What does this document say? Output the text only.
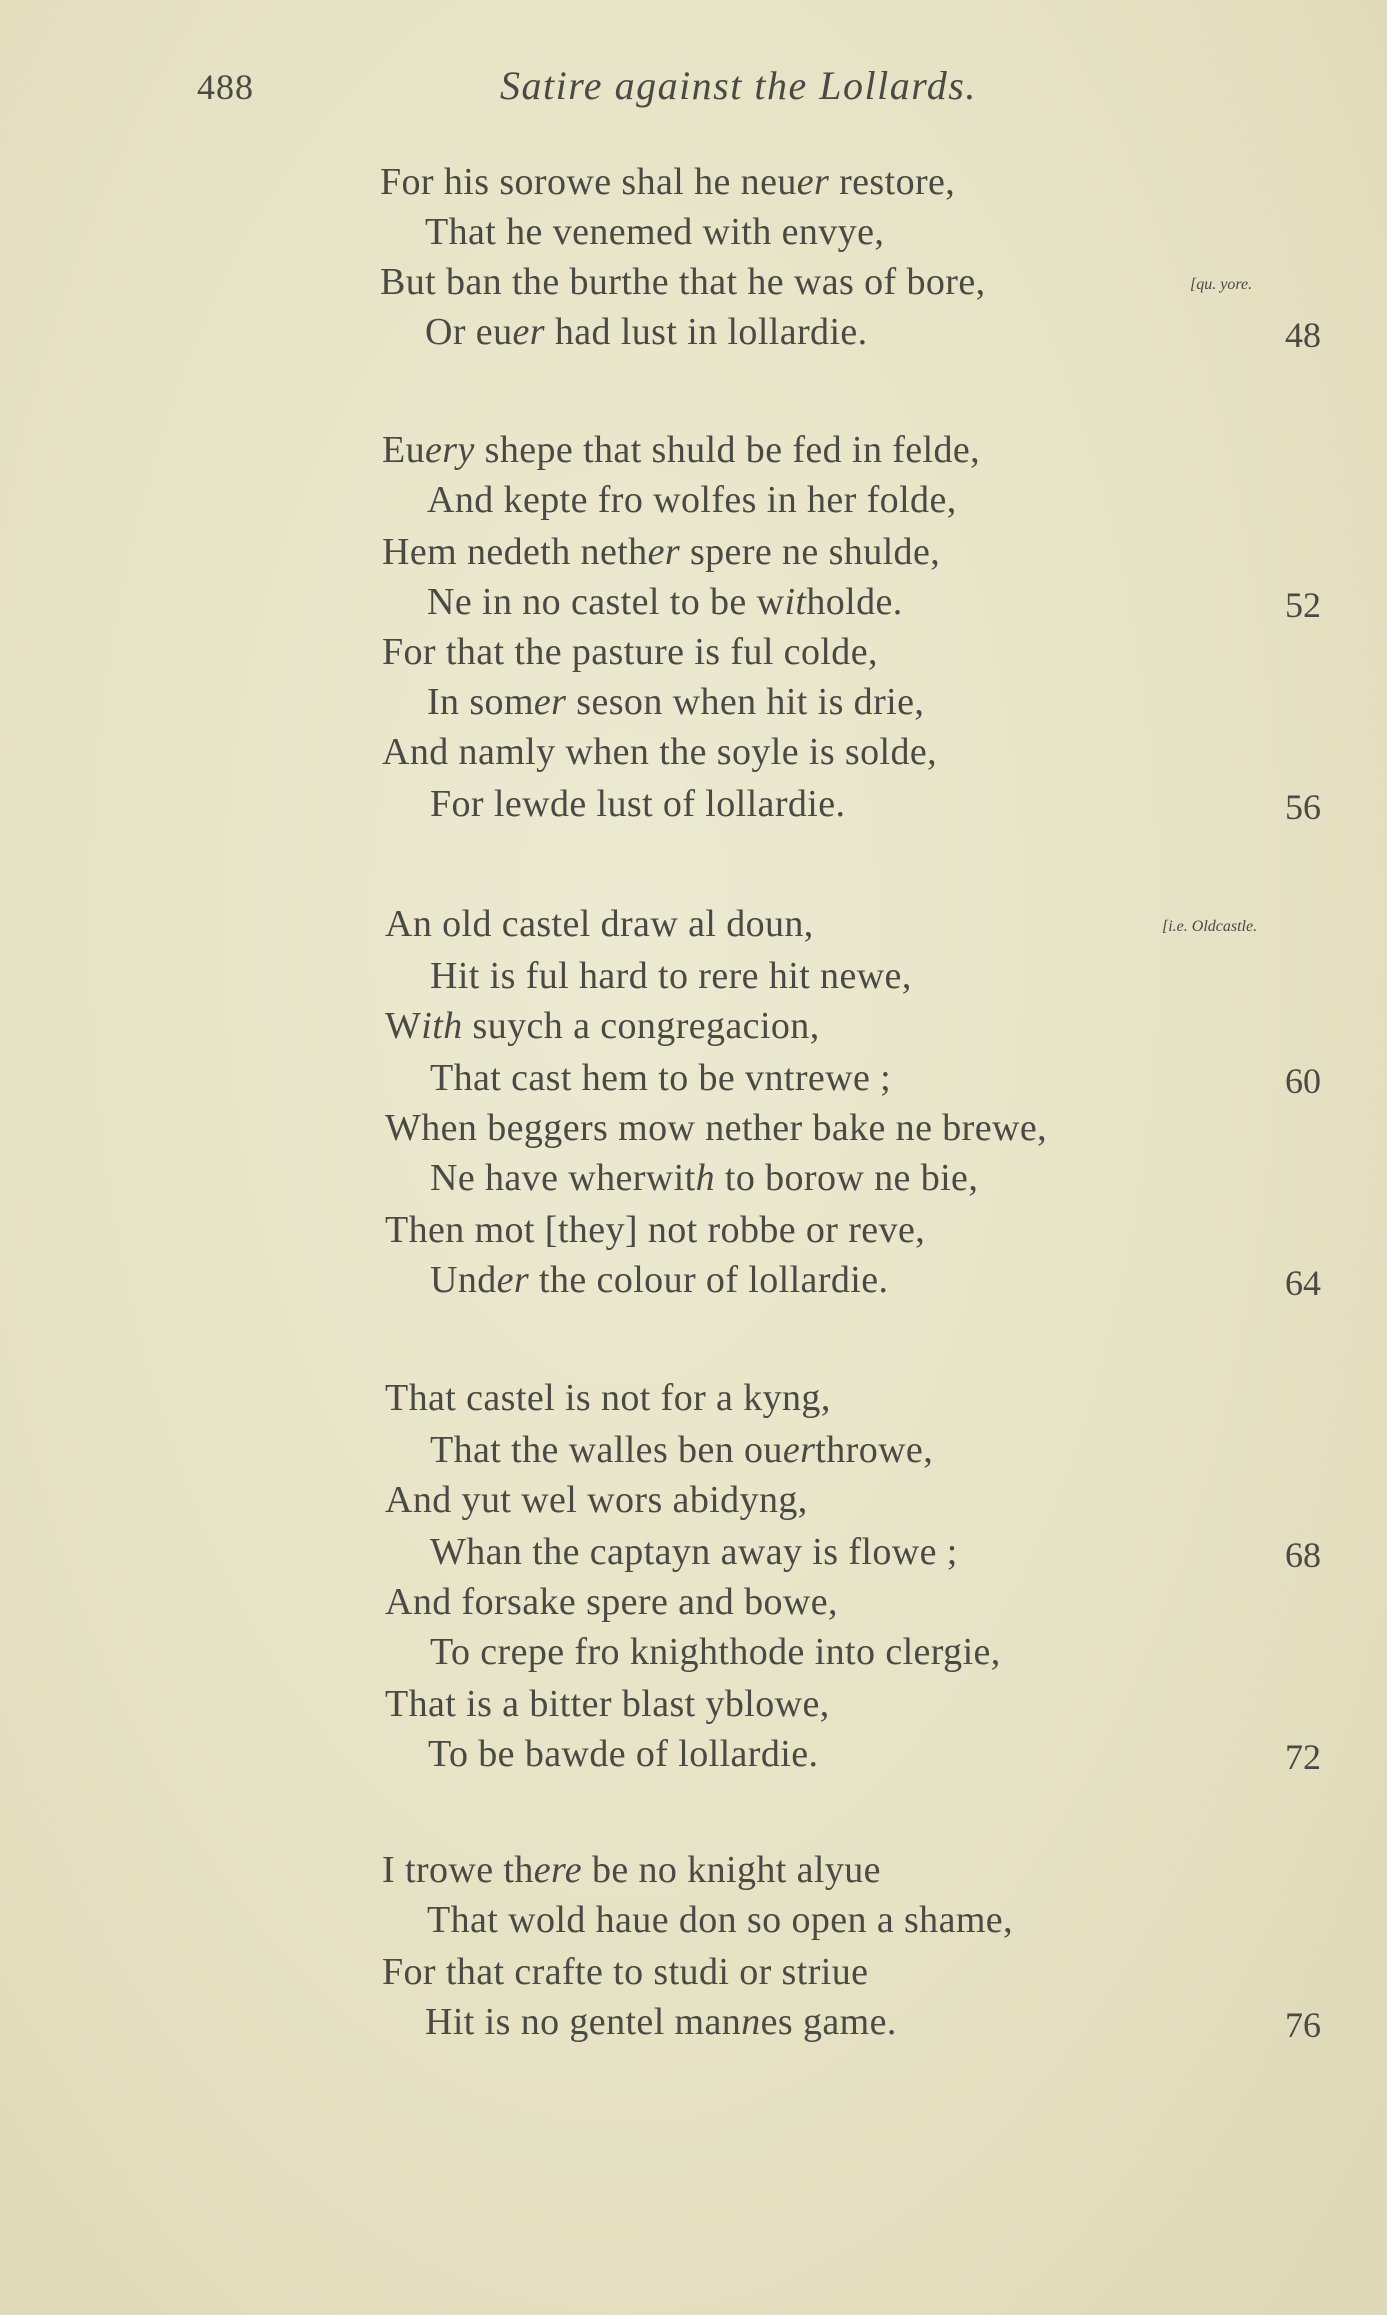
488	Satire against the Lollards.
For his sorowe shal he neuer restore,
That he venemed with envye,
But ban the burthe that he was of bore,	[qu. yore.
Or euer had lust in lollardie.	48
Euery shepe that shuld be fed in felde,
And kepte fro wolfes in her folde,
Hem nedeth nether spere ne shulde,
Ne in no castel to be witholde.	52
For that the pasture is ful colde,
In somer seson when hit is drie,
And namly when the soyle is solde,
For lewde lust of lollardie.	56
An old castel draw al doun,	[i.e. Oldcastle.
Hit is ful hard to rere hit newe,
With suych a congregacion,
That cast hem to be vntrewe ;	60
When beggers mow nether bake ne brewe,
Ne have wherwith to borow ne bie,
Then mot [they] not robbe or reve,
Under the colour of lollardie.	64
That castel is not for a kyng,
That the walles ben ouerthrowe,
And yut wel wors abidyng,
Whan the captayn away is flowe ;	68
And forsake spere and bowe,
To crepe fro knighthode into clergie,
That is a bitter blast yblowe,
To be bawde of lollardie.	72
I trowe there be no knight alyue
That wold haue don so open a shame,
For that crafte to studi or striue
Hit is no gentel mannes game.	76
